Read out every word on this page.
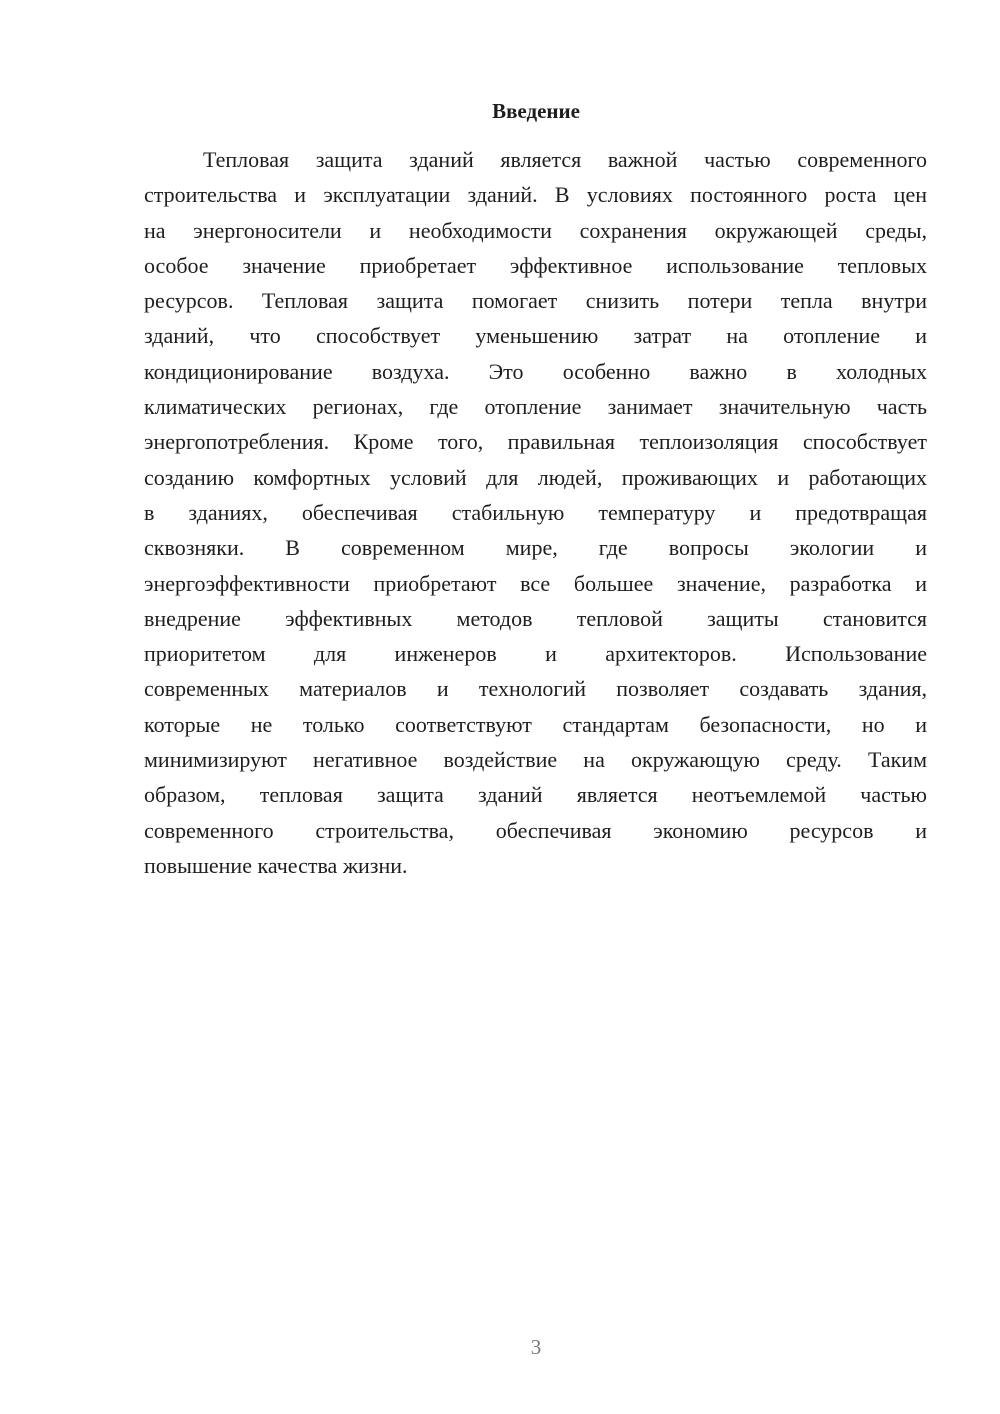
Введение
Тепловая защита зданий является важной частью современного
строительства и эксплуатации зданий. В условиях постоянного роста цен
на энергоносители и необходимости сохранения окружающей среды,
особое значение приобретает эффективное использование тепловых
ресурсов. Тепловая защита помогает снизить потери тепла внутри
зданий, что способствует уменьшению затрат на отопление и
кондиционирование воздуха. Это особенно важно в холодных
климатических регионах, где отопление занимает значительную часть
энергопотребления. Кроме того, правильная теплоизоляция способствует
созданию комфортных условий для людей, проживающих и работающих
в зданиях, обеспечивая стабильную температуру и предотвращая
сквозняки. В современном мире, где вопросы экологии и
энергоэффективности приобретают все большее значение, разработка и
внедрение эффективных методов тепловой защиты становится
приоритетом для инженеров и архитекторов. Использование
современных материалов и технологий позволяет создавать здания,
которые не только соответствуют стандартам безопасности, но и
минимизируют негативное воздействие на окружающую среду. Таким
образом, тепловая защита зданий является неотъемлемой частью
современного строительства, обеспечивая экономию ресурсов и
повышение качества жизни.
3
